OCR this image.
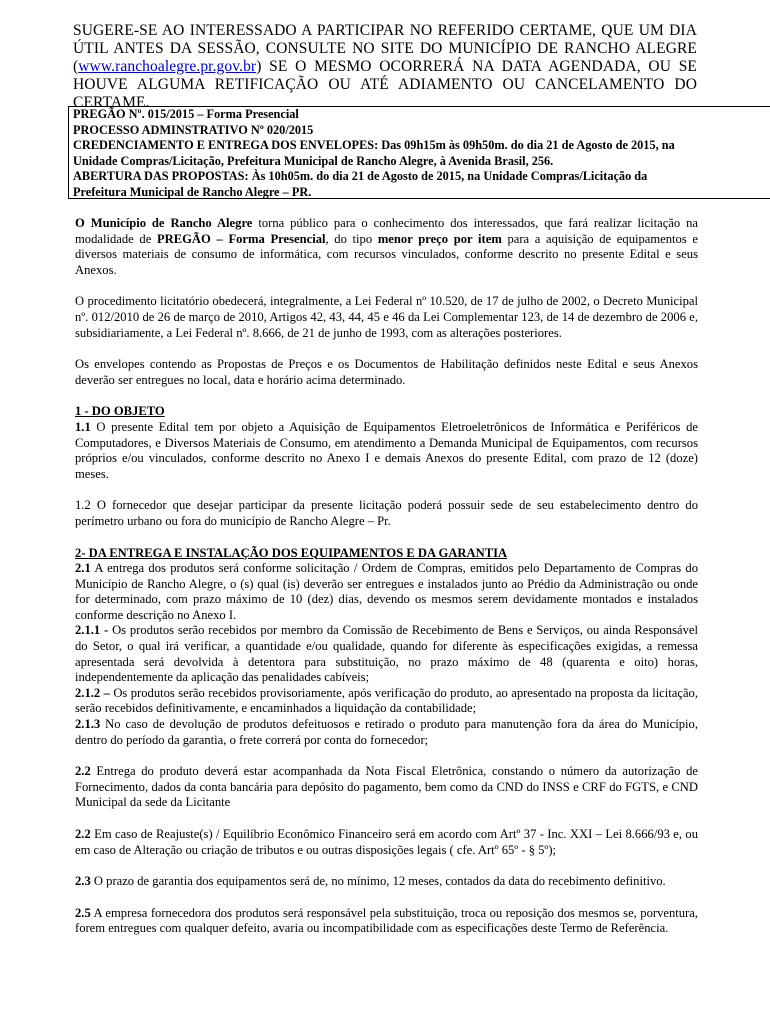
SUGERE-SE AO INTERESSADO A PARTICIPAR NO REFERIDO CERTAME, QUE UM DIA ÚTIL ANTES DA SESSÃO, CONSULTE NO SITE DO MUNICÍPIO DE RANCHO ALEGRE (www.ranchoalegre.pr.gov.br) SE O MESMO OCORRERÁ NA DATA AGENDADA, OU SE HOUVE ALGUMA RETIFICAÇÃO OU ATÉ ADIAMENTO OU CANCELAMENTO DO CERTAME.
PREGÃO Nº. 015/2015 – Forma Presencial
PROCESSO ADMINSTRATIVO Nº 020/2015
CREDENCIAMENTO E ENTREGA DOS ENVELOPES: Das 09h15m às 09h50m. do dia 21 de Agosto de 2015, na
Unidade Compras/Licitação, Prefeitura Municipal de Rancho Alegre, à Avenida Brasil, 256.
ABERTURA DAS PROPOSTAS: Às 10h05m. do dia 21 de Agosto de 2015, na Unidade Compras/Licitação da
Prefeitura Municipal de Rancho Alegre – PR.

O Município de Rancho Alegre torna público para o conhecimento dos interessados, que fará realizar licitação na modalidade de PREGÃO – Forma Presencial, do tipo menor preço por item para a aquisição de equipamentos e diversos materiais de consumo de informática, com recursos vinculados, conforme descrito no presente Edital e seus Anexos.

O procedimento licitatório obedecerá, integralmente, a Lei Federal nº 10.520, de 17 de julho de 2002, o Decreto Municipal nº. 012/2010 de 26 de março de 2010, Artigos 42, 43, 44, 45 e 46 da Lei Complementar 123, de 14 de dezembro de 2006 e, subsidiariamente, a Lei Federal nº. 8.666, de 21 de junho de 1993, com as alterações posteriores.

Os envelopes contendo as Propostas de Preços e os Documentos de Habilitação definidos neste Edital e seus Anexos deverão ser entregues no local, data e horário acima determinado.

1 - DO OBJETO

1.1 O presente Edital tem por objeto a Aquisição de Equipamentos Eletroeletrônicos de Informática e Periféricos de Computadores, e Diversos Materiais de Consumo, em atendimento a Demanda Municipal de Equipamentos, com recursos próprios e/ou vinculados, conforme descrito no Anexo I e demais Anexos do presente Edital, com prazo de 12 (doze) meses.

1.2 O fornecedor que desejar participar da presente licitação poderá possuir sede de seu estabelecimento dentro do perímetro urbano ou fora do município de Rancho Alegre – Pr.

2- DA ENTREGA E INSTALAÇÃO DOS EQUIPAMENTOS E DA GARANTIA

2.1 A entrega dos produtos será conforme solicitação / Ordem de Compras, emitidos pelo Departamento de Compras do Município de Rancho Alegre, o (s) qual (is) deverão ser entregues e instalados junto ao Prédio da Administração ou onde for determinado, com prazo máximo de 10 (dez) dias, devendo os mesmos serem devidamente montados e instalados conforme descrição no Anexo I.

2.1.1 - Os produtos serão recebidos por membro da Comissão de Recebimento de Bens e Serviços, ou ainda Responsável do Setor, o qual irá verificar, a quantidade e/ou qualidade, quando for diferente às especificações exigidas, a remessa apresentada será devolvida à detentora para substituição, no prazo máximo de 48 (quarenta e oito) horas, independentemente da aplicação das penalidades cabíveis;

2.1.2 – Os produtos serão recebidos provisoriamente, após verificação do produto, ao apresentado na proposta da licitação, serão recebidos definitivamente, e encaminhados a liquidação da contabilidade;

2.1.3 No caso de devolução de produtos defeituosos e retirado o produto para manutenção fora da área do Município, dentro do período da garantia, o frete correrá por conta do fornecedor;

2.2 Entrega do produto deverá estar acompanhada da Nota Fiscal Eletrônica, constando o número da autorização de Fornecimento, dados da conta bancária para depósito do pagamento, bem como da CND do INSS e CRF do FGTS, e CND Municipal da sede da Licitante

2.2 Em caso de Reajuste(s) / Equilíbrio Econômico Financeiro será em acordo com Artº 37 - Inc. XXI – Lei 8.666/93 e, ou em caso de Alteração ou criação de tributos e ou outras disposições legais ( cfe. Artº 65º - § 5º);

2.3 O prazo de garantia dos equipamentos será de, no mínimo, 12 meses, contados da data do recebimento definitivo.

2.5 A empresa fornecedora dos produtos será responsável pela substituição, troca ou reposição dos mesmos se, porventura, forem entregues com qualquer defeito, avaria ou incompatibilidade com as especificações deste Termo de Referência.
